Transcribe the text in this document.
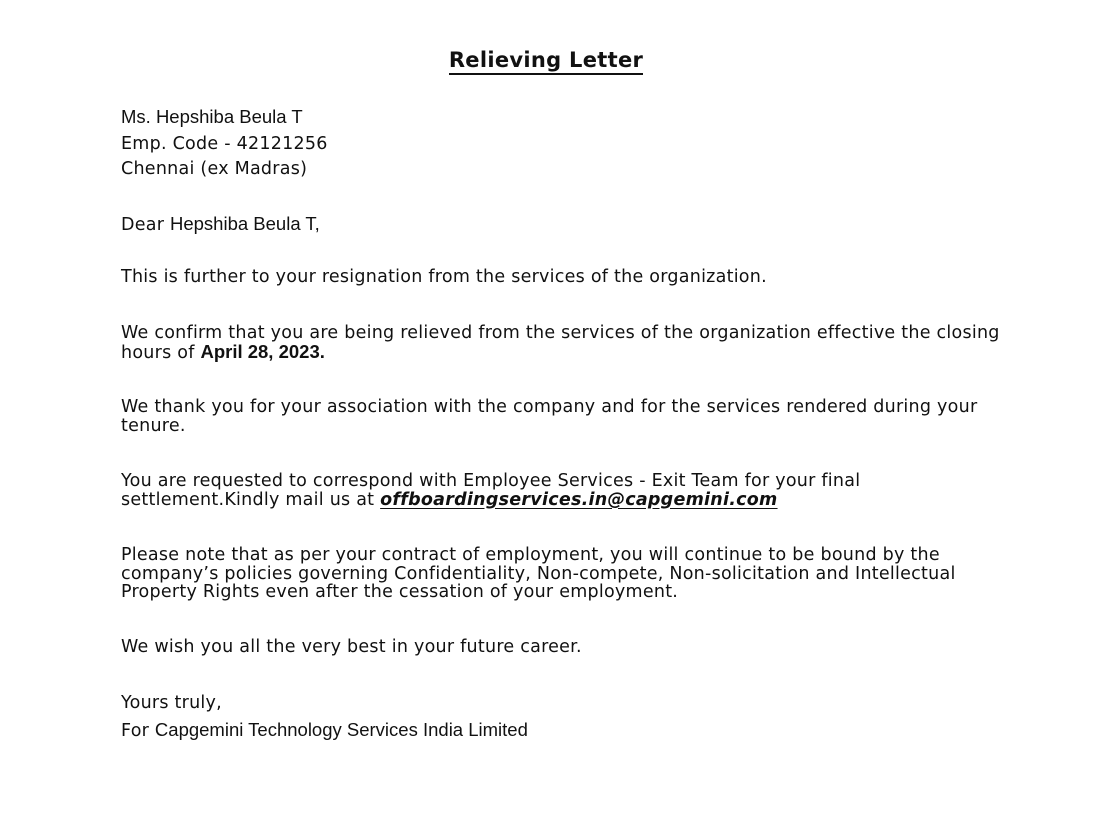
Relieving Letter
Ms. Hepshiba Beula T
Emp. Code - 42121256
Chennai (ex Madras)
Dear Hepshiba Beula T,
This is further to your resignation from the services of the organization.
We confirm that you are being relieved from the services of the organization effective the closing hours of April 28, 2023.
We thank you for your association with the company and for the services rendered during your tenure.
You are requested to correspond with Employee Services - Exit Team for your final settlement.Kindly mail us at offboardingservices.in@capgemini.com
Please note that as per your contract of employment, you will continue to be bound by the company’s policies governing Confidentiality, Non-compete, Non-solicitation and Intellectual Property Rights even after the cessation of your employment.
We wish you all the very best in your future career.
Yours truly,
For Capgemini Technology Services India Limited
